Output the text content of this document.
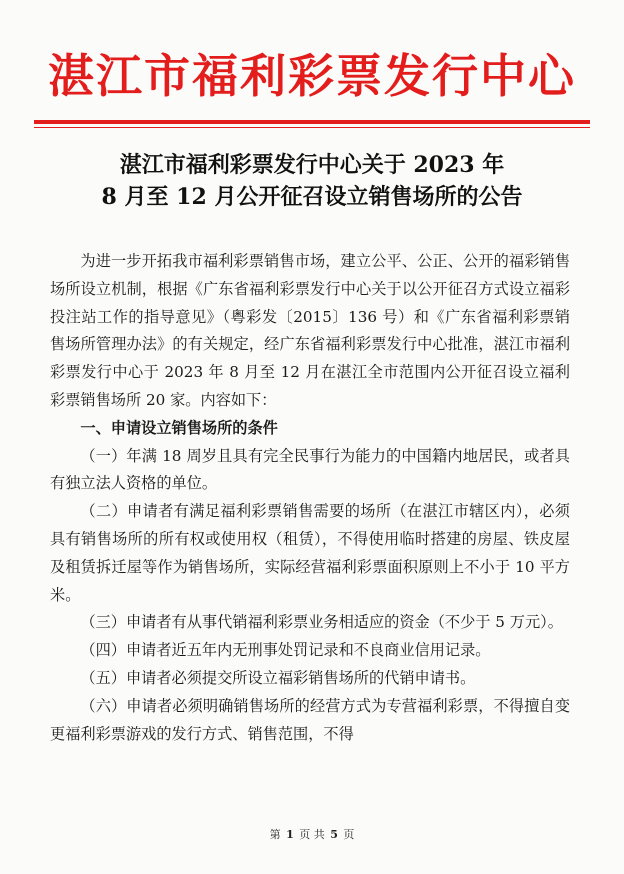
湛江市福利彩票发行中心
湛江市福利彩票发行中心关于 2023 年
8 月至 12 月公开征召设立销售场所的公告

为进一步开拓我市福利彩票销售市场，建立公平、公正、公开的福彩销售场所设立机制，根据《广东省福利彩票发行中心关于以公开征召方式设立福彩投注站工作的指导意见》（粤彩发〔2015〕136 号）和《广东省福利彩票销售场所管理办法》的有关规定，经广东省福利彩票发行中心批准，湛江市福利彩票发行中心于 2023 年 8 月至 12 月在湛江全市范围内公开征召设立福利彩票销售场所 20 家。内容如下：

一、申请设立销售场所的条件

（一）年满 18 周岁且具有完全民事行为能力的中国籍内地居民，或者具有独立法人资格的单位。

（二）申请者有满足福利彩票销售需要的场所（在湛江市辖区内），必须具有销售场所的所有权或使用权（租赁），不得使用临时搭建的房屋、铁皮屋及租赁拆迁屋等作为销售场所，实际经营福利彩票面积原则上不小于 10 平方米。

（三）申请者有从事代销福利彩票业务相适应的资金（不少于 5 万元）。

（四）申请者近五年内无刑事处罚记录和不良商业信用记录。

（五）申请者必须提交所设立福彩销售场所的代销申请书。

（六）申请者必须明确销售场所的经营方式为专营福利彩票，不得擅自变更福利彩票游戏的发行方式、销售范围，不得

第 1 页 共 5 页
